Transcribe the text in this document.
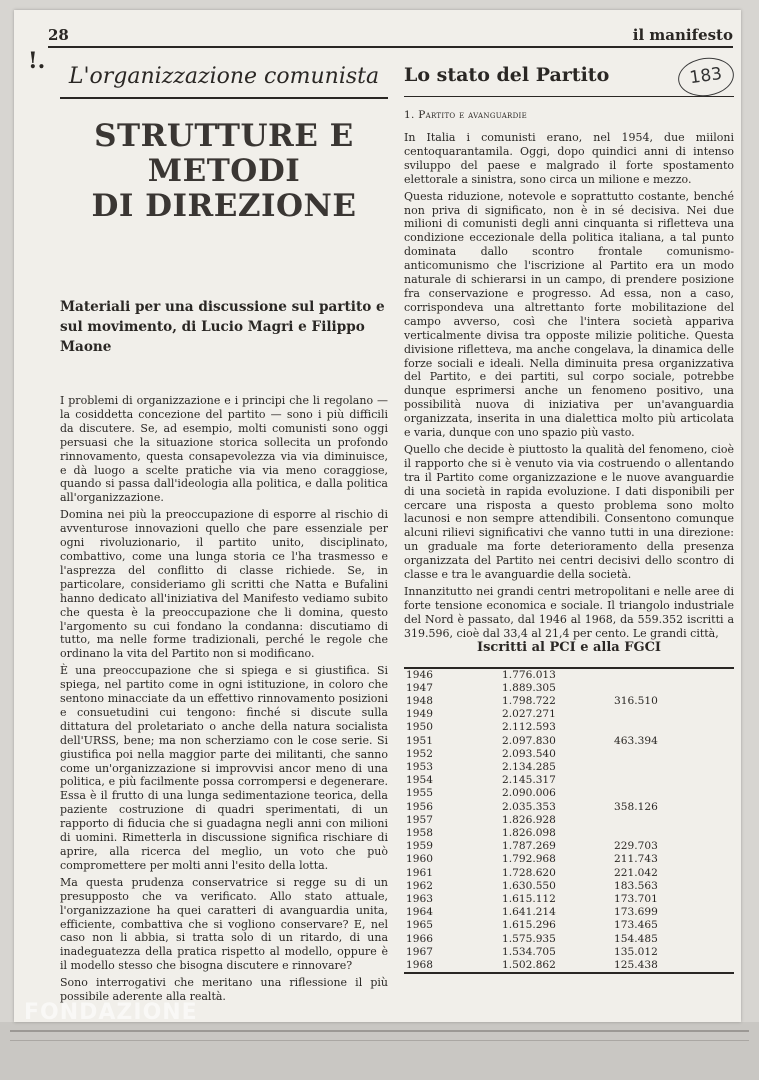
28	il manifesto
!.
L'organizzazione comunista
STRUTTURE E
METODI
DI DIREZIONE
Materiali per una discussione sul partito e sul movimento, di Lucio Magri e Filippo Maone

I problemi di organizzazione e i principi che li regolano — la cosiddetta concezione del partito — sono i più difficili da discutere. Se, ad esempio, molti comunisti sono oggi persuasi che la situazione storica sollecita un profondo rinnovamento, questa consapevolezza via via diminuisce, e dà luogo a scelte pratiche via via meno coraggiose, quando si passa dall'ideologia alla politica, e dalla politica all'organizzazione.

Domina nei più la preoccupazione di esporre al rischio di avventurose innovazioni quello che pare essenziale per ogni rivoluzionario, il partito unito, disciplinato, combattivo, come una lunga storia ce l'ha trasmesso e l'asprezza del conflitto di classe richiede. Se, in particolare, consideriamo gli scritti che Natta e Bufalini hanno dedicato all'iniziativa del Manifesto vediamo subito che questa è la preoccupazione che li domina, questo l'argomento su cui fondano la condanna: discutiamo di tutto, ma nelle forme tradizionali, perché le regole che ordinano la vita del Partito non si modificano.

È una preoccupazione che si spiega e si giustifica. Si spiega, nel partito come in ogni istituzione, in coloro che sentono minacciate da un effettivo rinnovamento posizioni e consuetudini cui tengono: finché si discute sulla dittatura del proletariato o anche della natura socialista dell'URSS, bene; ma non scherziamo con le cose serie. Si giustifica poi nella maggior parte dei militanti, che sanno come un'organizzazione si improvvisi ancor meno di una politica, e più facilmente possa corrompersi e degenerare. Essa è il frutto di una lunga sedimentazione teorica, della paziente costruzione di quadri sperimentati, di un rapporto di fiducia che si guadagna negli anni con milioni di uomini. Rimetterla in discussione significa rischiare di aprire, alla ricerca del meglio, un voto che può compromettere per molti anni l'esito della lotta.

Ma questa prudenza conservatrice si regge su di un presupposto che va verificato. Allo stato attuale, l'organizzazione ha quei caratteri di avanguardia unita, efficiente, combattiva che si vogliono conservare? E, nel caso non li abbia, si tratta solo di un ritardo, di una inadeguatezza della pratica rispetto al modello, oppure è il modello stesso che bisogna discutere e rinnovare?

Sono interrogativi che meritano una riflessione il più possibile aderente alla realtà.

Lo stato del Partito	183
1. Partito e avanguardie

In Italia i comunisti erano, nel 1954, due miiloni centoquarantamila. Oggi, dopo quindici anni di intenso sviluppo del paese e malgrado il forte spostamento elettorale a sinistra, sono circa un milione e mezzo.

Questa riduzione, notevole e soprattutto costante, benché non priva di significato, non è in sé decisiva. Nei due milioni di comunisti degli anni cinquanta si rifletteva una condizione eccezionale della politica italiana, a tal punto dominata dallo scontro frontale comunismo-anticomunismo che l'iscrizione al Partito era un modo naturale di schierarsi in un campo, di prendere posizione fra conservazione e progresso. Ad essa, non a caso, corrispondeva una altrettanto forte mobilitazione del campo avverso, così che l'intera società appariva verticalmente divisa tra opposte milizie politiche. Questa divisione rifletteva, ma anche congelava, la dinamica delle forze sociali e ideali. Nella diminuita presa organizzativa del Partito, e dei partiti, sul corpo sociale, potrebbe dunque esprimersi anche un fenomeno positivo, una possibilità nuova di iniziativa per un'avanguardia organizzata, inserita in una dialettica molto più articolata e varia, dunque con uno spazio più vasto.

Quello che decide è piuttosto la qualità del fenomeno, cioè il rapporto che si è venuto via via costruendo o allentando tra il Partito come organizzazione e le nuove avanguardie di una società in rapida evoluzione. I dati disponibili per cercare una risposta a questo problema sono molto lacunosi e non sempre attendibili. Consentono comunque alcuni rilievi significativi che vanno tutti in una direzione: un graduale ma forte deterioramento della presenza organizzata del Partito nei centri decisivi dello scontro di classe e tra le avanguardie della società.

Innanzitutto nei grandi centri metropolitani e nelle aree di forte tensione economica e sociale. Il triangolo industriale del Nord è passato, dal 1946 al 1968, da 559.352 iscritti a 319.596, cioè dal 33,4 al 21,4 per cento. Le grandi città,

Iscritti al PCI e alla FGCI
1946	1.776.013	
1947	1.889.305	
1948	1.798.722	316.510
1949	2.027.271	
1950	2.112.593	
1951	2.097.830	463.394
1952	2.093.540	
1953	2.134.285	
1954	2.145.317	
1955	2.090.006	
1956	2.035.353	358.126
1957	1.826.928	
1958	1.826.098	
1959	1.787.269	229.703
1960	1.792.968	211.743
1961	1.728.620	221.042
1962	1.630.550	183.563
1963	1.615.112	173.701
1964	1.641.214	173.699
1965	1.615.296	173.465
1966	1.575.935	154.485
1967	1.534.705	135.012
1968	1.502.862	125.438
FONDAZIONE
